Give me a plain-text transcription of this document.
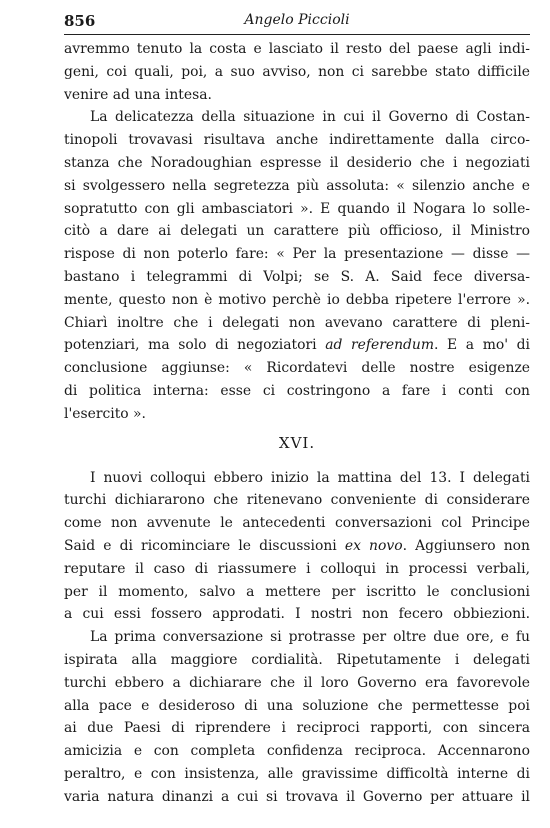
856	Angelo Piccioli
avremmo tenuto la costa e lasciato il resto del paese agli indi-
geni, coi quali, poi, a suo avviso, non ci sarebbe stato difficile
venire ad una intesa.
La delicatezza della situazione in cui il Governo di Costan-
tinopoli trovavasi risultava anche indirettamente dalla circo-
stanza che Noradoughian espresse il desiderio che i negoziati
si svolgessero nella segretezza più assoluta: « silenzio anche e
sopratutto con gli ambasciatori ». E quando il Nogara lo solle-
citò a dare ai delegati un carattere più officioso, il Ministro
rispose di non poterlo fare: « Per la presentazione — disse —
bastano i telegrammi di Volpi; se S. A. Said fece diversa-
mente, questo non è motivo perchè io debba ripetere l'errore ».
Chiarì inoltre che i delegati non avevano carattere di pleni-
potenziari, ma solo di negoziatori ad referendum. E a mo' di
conclusione aggiunse: « Ricordatevi delle nostre esigenze
di politica interna: esse ci costringono a fare i conti con
l'esercito ».
XVI.
I nuovi colloqui ebbero inizio la mattina del 13. I delegati
turchi dichiararono che ritenevano conveniente di considerare
come non avvenute le antecedenti conversazioni col Principe
Said e di ricominciare le discussioni ex novo. Aggiunsero non
reputare il caso di riassumere i colloqui in processi verbali,
per il momento, salvo a mettere per iscritto le conclusioni
a cui essi fossero approdati. I nostri non fecero obbiezioni.
La prima conversazione si protrasse per oltre due ore, e fu
ispirata alla maggiore cordialità. Ripetutamente i delegati
turchi ebbero a dichiarare che il loro Governo era favorevole
alla pace e desideroso di una soluzione che permettesse poi
ai due Paesi di riprendere i reciproci rapporti, con sincera
amicizia e con completa confidenza reciproca. Accennarono
peraltro, e con insistenza, alle gravissime difficoltà interne di
varia natura dinanzi a cui si trovava il Governo per attuare il
